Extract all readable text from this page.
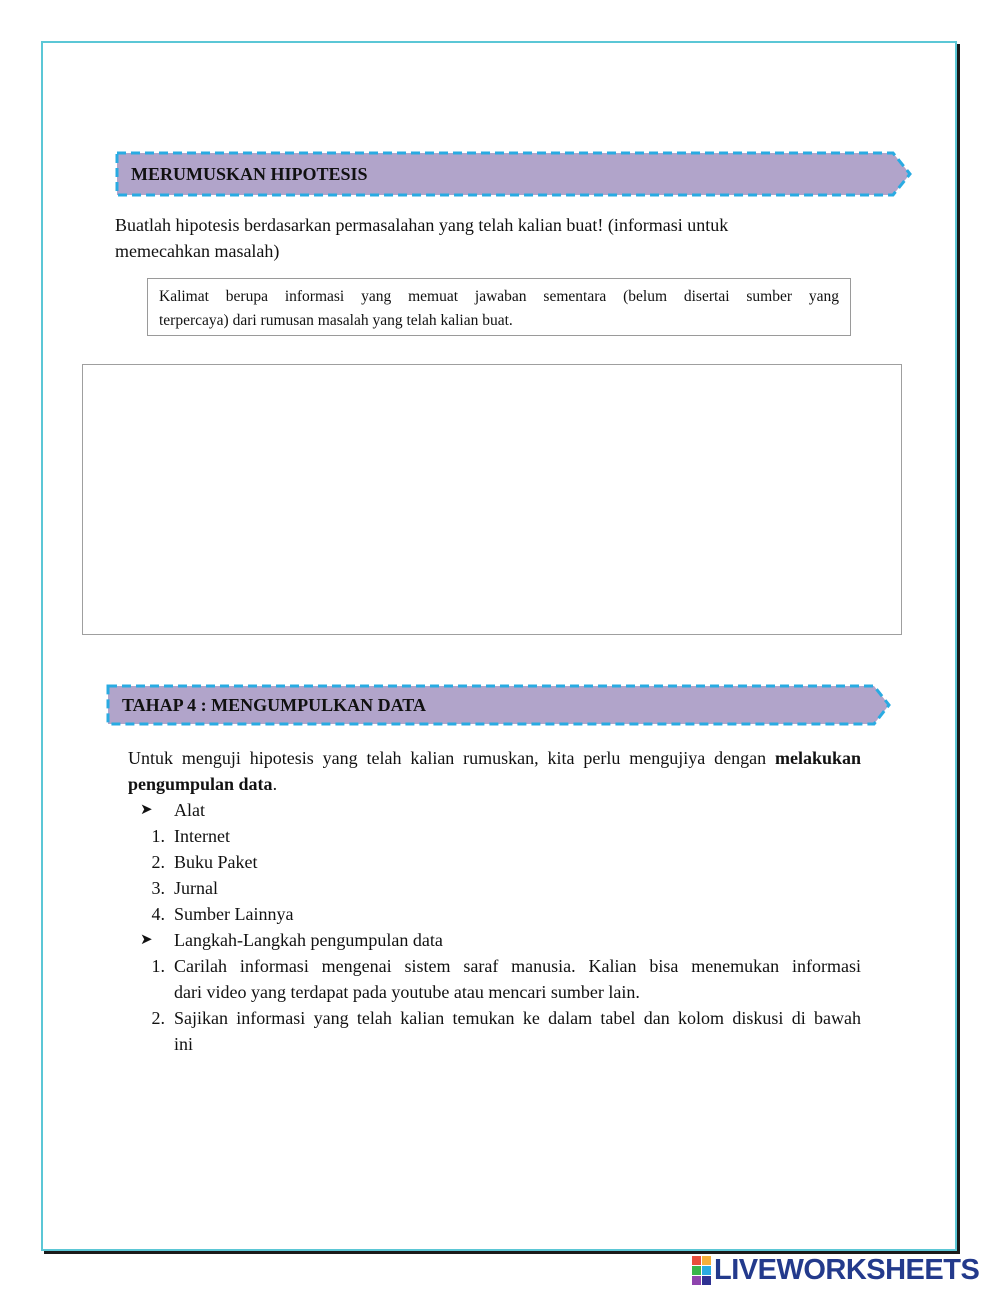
MERUMUSKAN HIPOTESIS
Buatlah hipotesis berdasarkan permasalahan yang telah kalian buat! (informasi untuk
memecahkan masalah)
Kalimat berupa informasi yang memuat jawaban sementara (belum disertai sumber yang
terpercaya) dari rumusan masalah yang telah kalian buat.
TAHAP 4 : MENGUMPULKAN DATA
Untuk menguji hipotesis yang telah kalian rumuskan, kita perlu mengujiya dengan melakukan
pengumpulan data.
➤ Alat
1. Internet
2. Buku Paket
3. Jurnal
4. Sumber Lainnya
➤ Langkah-Langkah pengumpulan data
1. Carilah informasi mengenai sistem saraf manusia. Kalian bisa menemukan informasi
dari video yang terdapat pada youtube atau mencari sumber lain.
2. Sajikan informasi yang telah kalian temukan ke dalam tabel dan kolom diskusi di bawah
ini
LIVEWORKSHEETS
